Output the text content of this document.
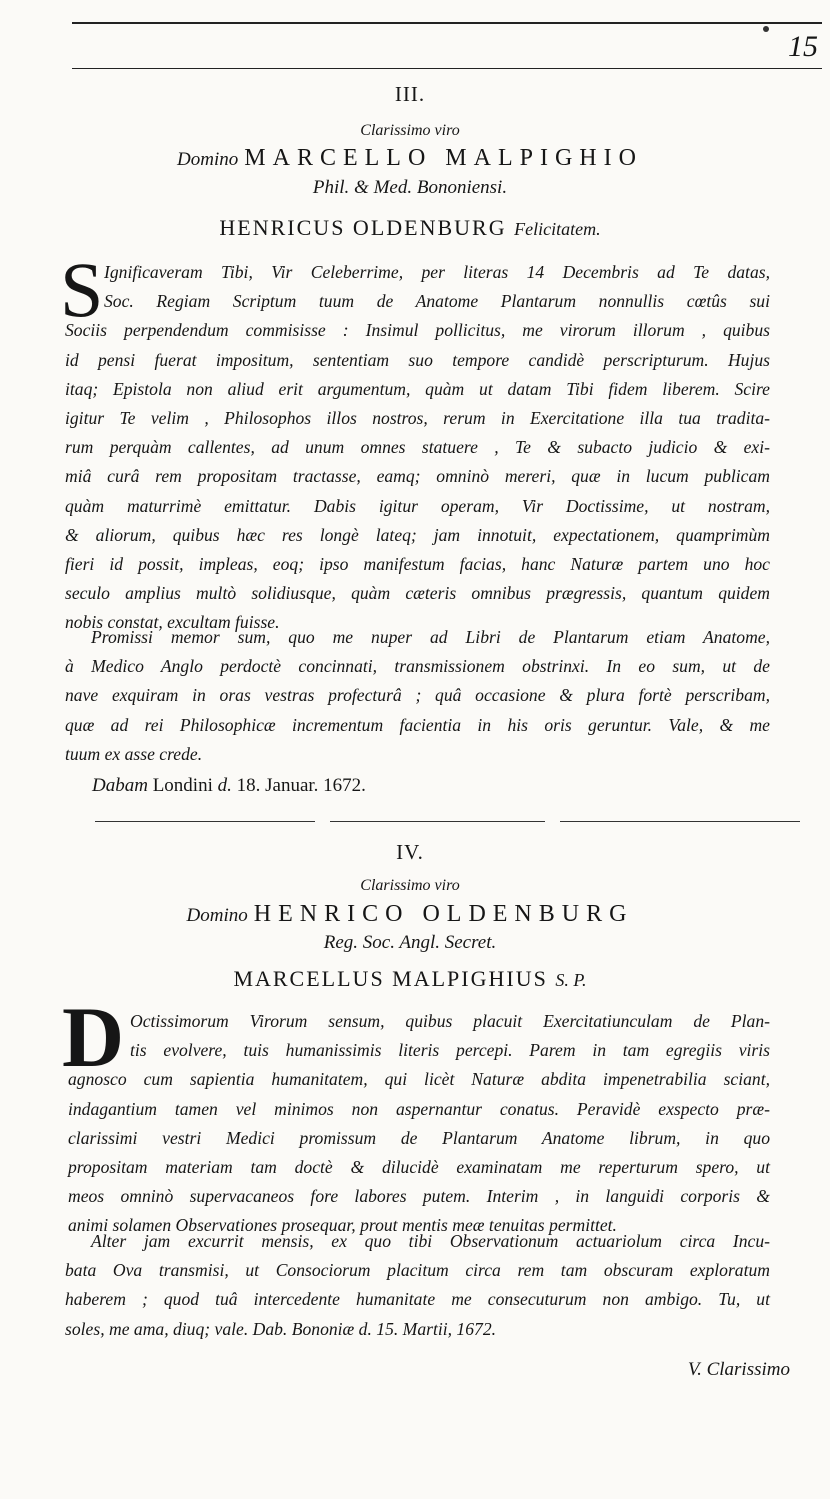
15
III.
Clarissimo viro
Domino MARCELLO MALPIGHIO
Phil. & Med. Bononiensi.
HENRICUS OLDENBURG Felicitatem.
S Ignificaveram Tibi, Vir Celeberrime, per literas 14 Decembris ad Te datas,
Soc. Regiam Scriptum tuum de Anatome Plantarum nonnullis cœtûs sui
Sociis perpendendum commisisse : Insimul pollicitus, me virorum illorum , quibus
id pensi fuerat impositum, sententiam suo tempore candidè perscripturum. Hujus
itaq; Epistola non aliud erit argumentum, quàm ut datam Tibi fidem liberem. Scire
igitur Te velim , Philosophos illos nostros, rerum in Exercitatione illa tua tradita-
rum perquàm callentes, ad unum omnes statuere , Te & subacto judicio & exi-
miâ curâ rem propositam tractasse, eamq; omninò mereri, quæ in lucum publicam
quàm maturrimè emittatur. Dabis igitur operam, Vir Doctissime, ut nostram,
& aliorum, quibus hæc res longè lateq; jam innotuit, expectationem, quamprimùm
fieri id possit, impleas, eoq; ipso manifestum facias, hanc Naturæ partem uno hoc
seculo amplius multò solidiusque, quàm cæteris omnibus prægressis, quantum quidem
nobis constat, excultam fuisse.
Promissi memor sum, quo me nuper ad Libri de Plantarum etiam Anatome,
à Medico Anglo perdoctè concinnati, transmissionem obstrinxi. In eo sum, ut de
nave exquiram in oras vestras profecturâ ; quâ occasione & plura fortè perscribam,
quæ ad rei Philosophicæ incrementum facientia in his oris geruntur. Vale, & me
tuum ex asse crede.
Dabam Londini d. 18. Januar. 1672.
IV.
Clarissimo viro
Domino HENRICO OLDENBURG
Reg. Soc. Angl. Secret.
MARCELLUS MALPIGHIUS S. P.
D Octissimorum Virorum sensum, quibus placuit Exercitatiunculam de Plan-
tis evolvere, tuis humanissimis literis percepi. Parem in tam egregiis viris
agnosco cum sapientia humanitatem, qui licèt Naturæ abdita impenetrabilia sciant,
indagantium tamen vel minimos non aspernantur conatus. Peravidè exspecto præ-
clarissimi vestri Medici promissum de Plantarum Anatome librum, in quo
propositam materiam tam doctè & dilucidè examinatam me reperturum spero, ut
meos omninò supervacaneos fore labores putem. Interim , in languidi corporis &
animi solamen Observationes prosequar, prout mentis meæ tenuitas permittet.
Alter jam excurrit mensis, ex quo tibi Observationum actuariolum circa Incu-
bata Ova transmisi, ut Consociorum placitum circa rem tam obscuram exploratum
haberem ; quod tuâ intercedente humanitate me consecuturum non ambigo. Tu, ut
soles, me ama, diuq; vale. Dab. Bononiæ d. 15. Martii, 1672.
V. Clarissimo
